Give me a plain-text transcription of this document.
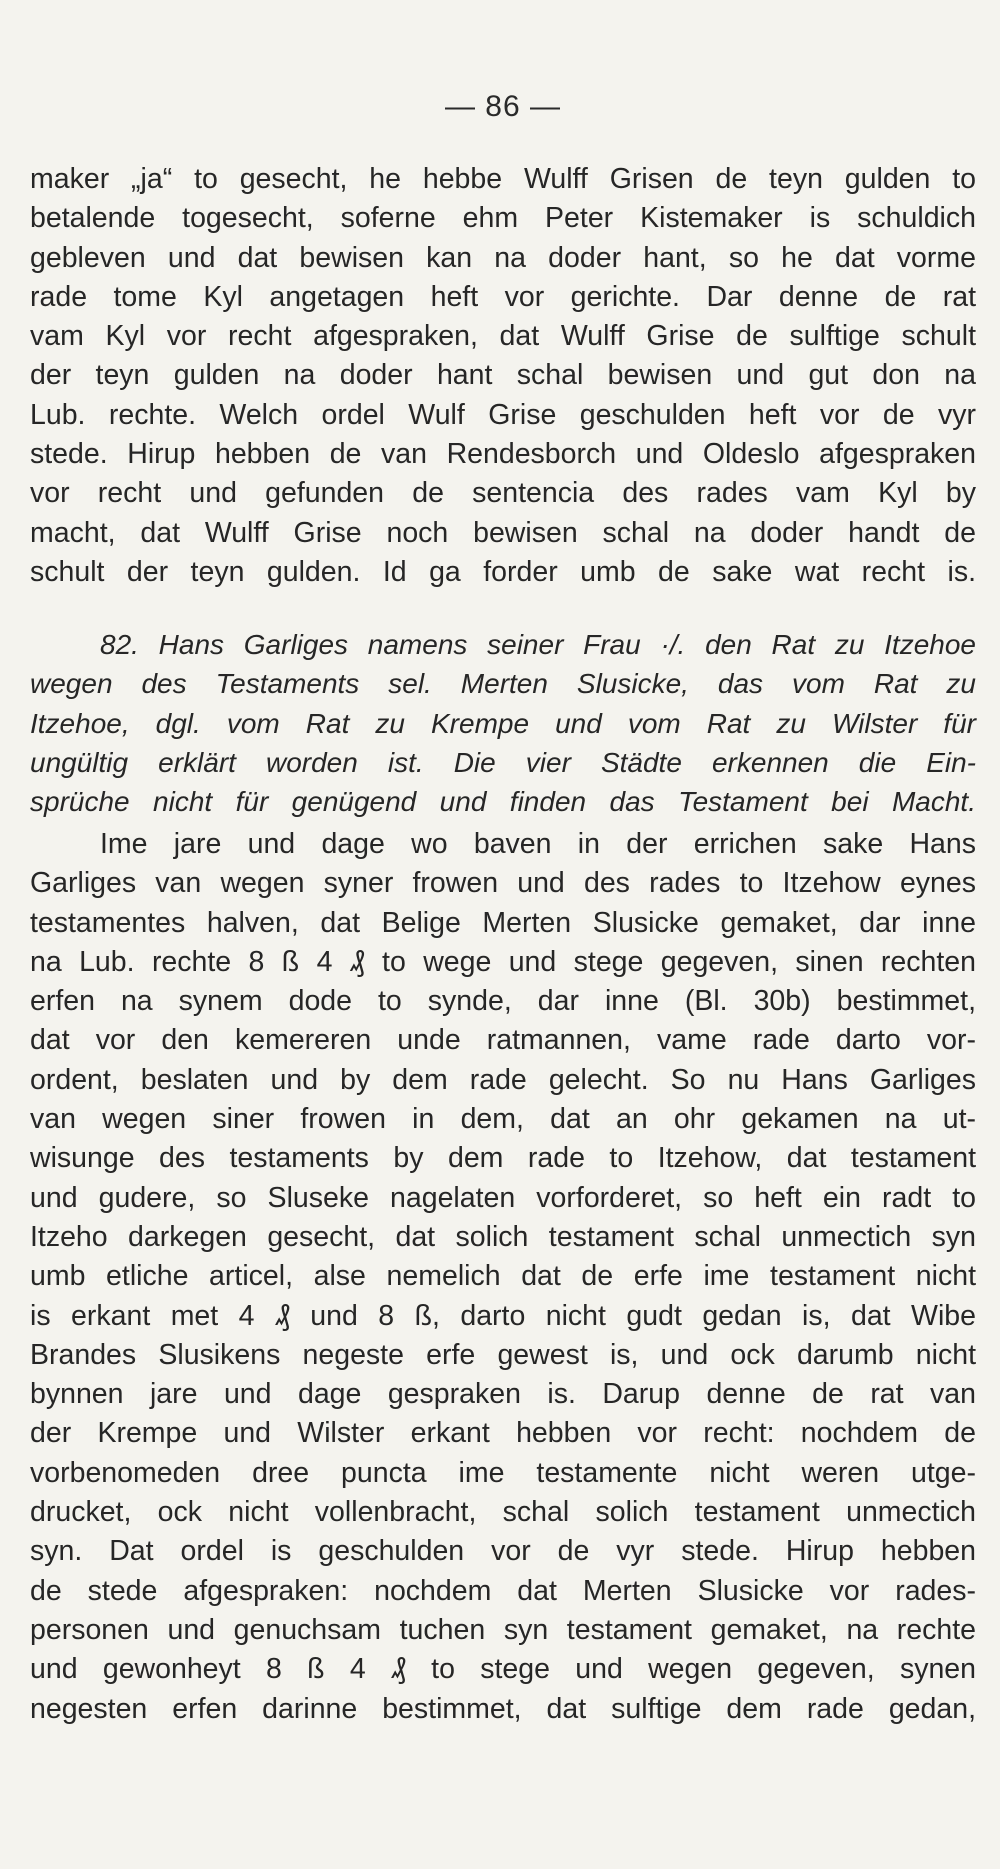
— 86 —
maker „ja“ to gesecht, he hebbe Wulff Grisen de teyn gulden to
betalende togesecht, soferne ehm Peter Kistemaker is schuldich
gebleven und dat bewisen kan na doder hant, so he dat vorme
rade tome Kyl angetagen heft vor gerichte. Dar denne de rat
vam Kyl vor recht afgespraken, dat Wulff Grise de sulftige schult
der teyn gulden na doder hant schal bewisen und gut don na
Lub. rechte. Welch ordel Wulf Grise geschulden heft vor de vyr
stede. Hirup hebben de van Rendesborch und Oldeslo afgespraken
vor recht und gefunden de sentencia des rades vam Kyl by
macht, dat Wulff Grise noch bewisen schal na doder handt de
schult der teyn gulden. Id ga forder umb de sake wat recht is.
82. Hans Garliges namens seiner Frau ·/. den Rat zu Itzehoe
wegen des Testaments sel. Merten Slusicke, das vom Rat zu
Itzehoe, dgl. vom Rat zu Krempe und vom Rat zu Wilster für
ungültig erklärt worden ist. Die vier Städte erkennen die Ein-
sprüche nicht für genügend und finden das Testament bei Macht.
Ime jare und dage wo baven in der errichen sake Hans
Garliges van wegen syner frowen und des rades to Itzehow eynes
testamentes halven, dat Belige Merten Slusicke gemaket, dar inne
na Lub. rechte 8 ß 4 ₰ to wege und stege gegeven, sinen rechten
erfen na synem dode to synde, dar inne (Bl. 30b) bestimmet,
dat vor den kemereren unde ratmannen, vame rade darto vor-
ordent, beslaten und by dem rade gelecht. So nu Hans Garliges
van wegen siner frowen in dem, dat an ohr gekamen na ut-
wisunge des testaments by dem rade to Itzehow, dat testament
und gudere, so Sluseke nagelaten vorforderet, so heft ein radt to
Itzeho darkegen gesecht, dat solich testament schal unmectich syn
umb etliche articel, alse nemelich dat de erfe ime testament nicht
is erkant met 4 ₰ und 8 ß, darto nicht gudt gedan is, dat Wibe
Brandes Slusikens negeste erfe gewest is, und ock darumb nicht
bynnen jare und dage gespraken is. Darup denne de rat van
der Krempe und Wilster erkant hebben vor recht: nochdem de
vorbenomeden dree puncta ime testamente nicht weren utge-
drucket, ock nicht vollenbracht, schal solich testament unmectich
syn. Dat ordel is geschulden vor de vyr stede. Hirup hebben
de stede afgespraken: nochdem dat Merten Slusicke vor rades-
personen und genuchsam tuchen syn testament gemaket, na rechte
und gewonheyt 8 ß 4 ₰ to stege und wegen gegeven, synen
negesten erfen darinne bestimmet, dat sulftige dem rade gedan,
